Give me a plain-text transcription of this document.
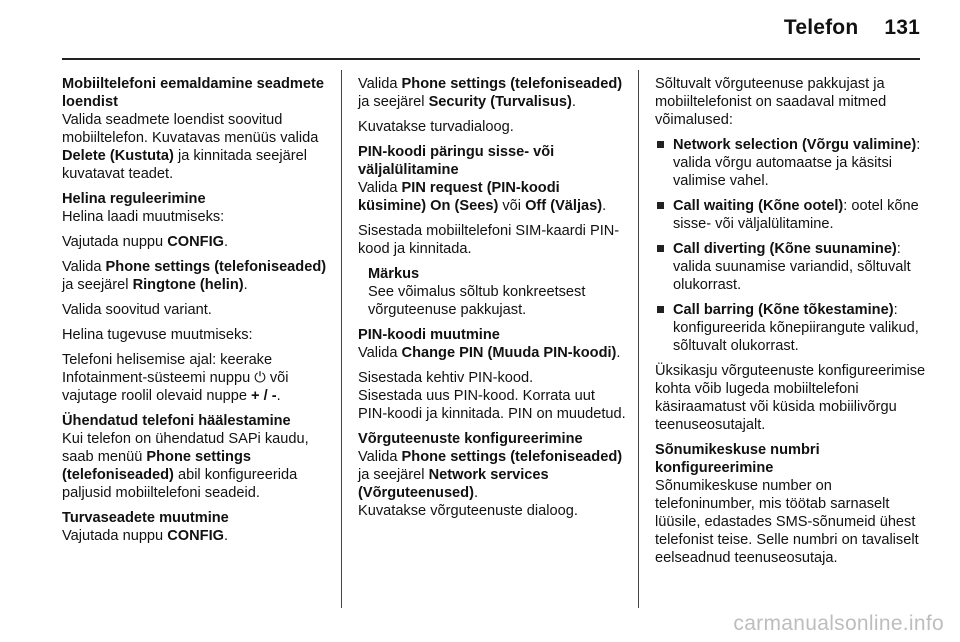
Telefon 131
Mobiiltelefoni eemaldamine seadmete loendist

Valida seadmete loendist soovitud mobiiltelefon. Kuvatavas menüüs valida Delete (Kustuta) ja kinnitada seejärel kuvatavat teadet.

Helina reguleerimine

Helina laadi muutmiseks:

Vajutada nuppu CONFIG.

Valida Phone settings (telefoniseaded) ja seejärel Ringtone (helin).

Valida soovitud variant.

Helina tugevuse muutmiseks:

Telefoni helisemise ajal: keerake Infotainment-süsteemi nuppu ⏻ või vajutage roolil olevaid nuppe + / -.

Ühendatud telefoni häälestamine

Kui telefon on ühendatud SAPi kaudu, saab menüü Phone settings (telefoniseaded) abil konfigureerida paljusid mobiiltelefoni seadeid.

Turvaseadete muutmine

Vajutada nuppu CONFIG.

Valida Phone settings (telefoniseaded) ja seejärel Security (Turvalisus).

Kuvatakse turvadialoog.

PIN-koodi päringu sisse- või väljalülitamine

Valida PIN request (PIN-koodi küsimine) On (Sees) või Off (Väljas).

Sisestada mobiiltelefoni SIM-kaardi PIN-kood ja kinnitada.

Märkus
See võimalus sõltub konkreetsest võrguteenuse pakkujast.
PIN-koodi muutmine

Valida Change PIN (Muuda PIN-koodi).

Sisestada kehtiv PIN-kood.

Sisestada uus PIN-kood. Korrata uut PIN-koodi ja kinnitada. PIN on muudetud.

Võrguteenuste konfigureerimine

Valida Phone settings (telefoniseaded) ja seejärel Network services (Võrguteenused).

Kuvatakse võrguteenuste dialoog.

Sõltuvalt võrguteenuse pakkujast ja mobiiltelefonist on saadaval mitmed võimalused:

Network selection (Võrgu valimine): valida võrgu automaatse ja käsitsi valimise vahel.
Call waiting (Kõne ootel): ootel kõne sisse- või väljalülitamine.
Call diverting (Kõne suunamine): valida suunamise variandid, sõltuvalt olukorrast.
Call barring (Kõne tõkestamine): konfigureerida kõnepiirangute valikud, sõltuvalt olukorrast.

Üksikasju võrguteenuste konfigureerimise kohta võib lugeda mobiiltelefoni käsiraamatust või küsida mobiilivõrgu teenuseosutajalt.

Sõnumikeskuse numbri konfigureerimine

Sõnumikeskuse number on telefoninumber, mis töötab sarnaselt lüüsile, edastades SMS-sõnumeid ühest telefonist teise. Selle numbri on tavaliselt eelseadnud teenuseosutaja.

carmanualsonline.info
